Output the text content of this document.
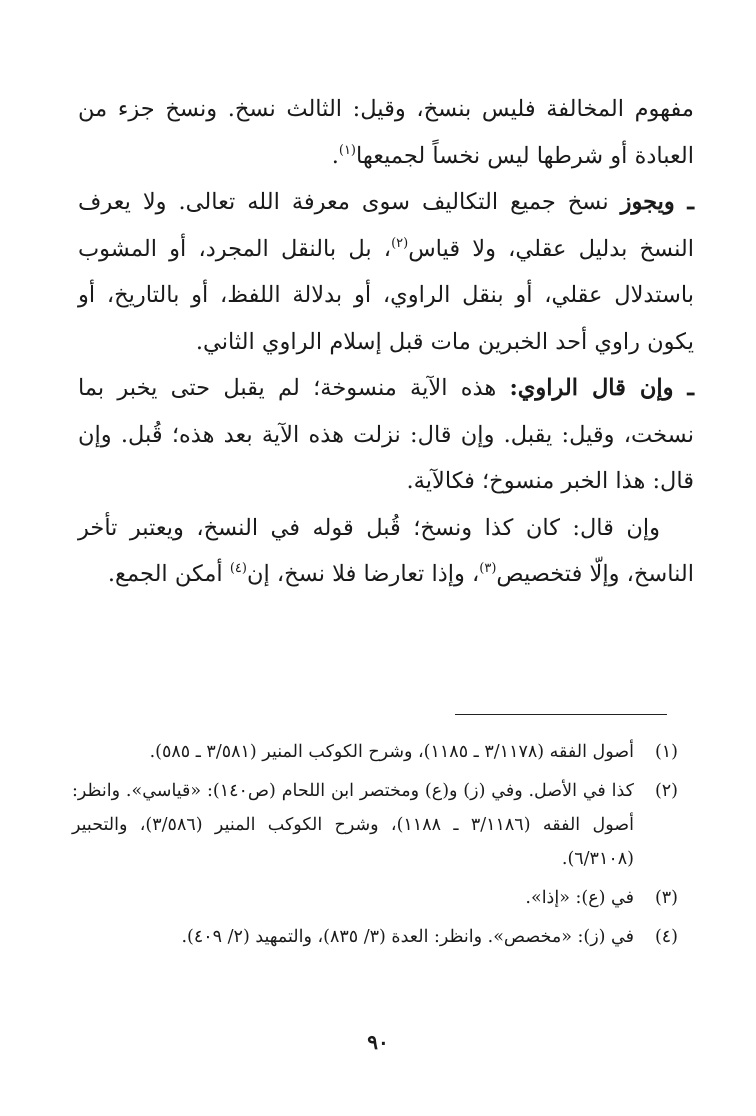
مفهوم المخالفة فليس بنسخ، وقيل: الثالث نسخ. ونسخ جزء من العبادة أو شرطها ليس نخساً لجميعها$^{(١)}$.

ـ ويجوز نسخ جميع التكاليف سوى معرفة الله تعالى. ولا يعرف النسخ بدليل عقلي، ولا قياس$^{(٢)}$، بل بالنقل المجرد، أو المشوب باستدلال عقلي، أو بنقل الراوي، أو بدلالة اللفظ، أو بالتاريخ، أو يكون راوي أحد الخبرين مات قبل إسلام الراوي الثاني.

ـ وإن قال الراوي: هذه الآية منسوخة؛ لم يقبل حتى يخبر بما نسخت، وقيل: يقبل. وإن قال: نزلت هذه الآية بعد هذه؛ قُبل. وإن قال: هذا الخبر منسوخ؛ فكالآية.

وإن قال: كان كذا ونسخ؛ قُبل قوله في النسخ، ويعتبر تأخر الناسخ، وإلّا فتخصيص$^{(٣)}$، وإذا تعارضا فلا نسخ، إن$^{(٤)}$ أمكن الجمع.

(١)
أصول الفقه (٣/١١٧٨ ـ ١١٨٥)، وشرح الكوكب المنير (٣/٥٨١ ـ ٥٨٥).
(٢)
كذا في الأصل. وفي (ز) و(ع) ومختصر ابن اللحام (ص١٤٠): «قياسي». وانظر: أصول الفقه (٣/١١٨٦ ـ ١١٨٨)، وشرح الكوكب المنير (٣/٥٨٦)، والتحبير (٦/٣١٠٨).
(٣)
في (ع): «إذا».
(٤)
في (ز): «مخصص». وانظر: العدة (٣/ ٨٣٥)، والتمهيد (٢/ ٤٠٩).
٩٠
